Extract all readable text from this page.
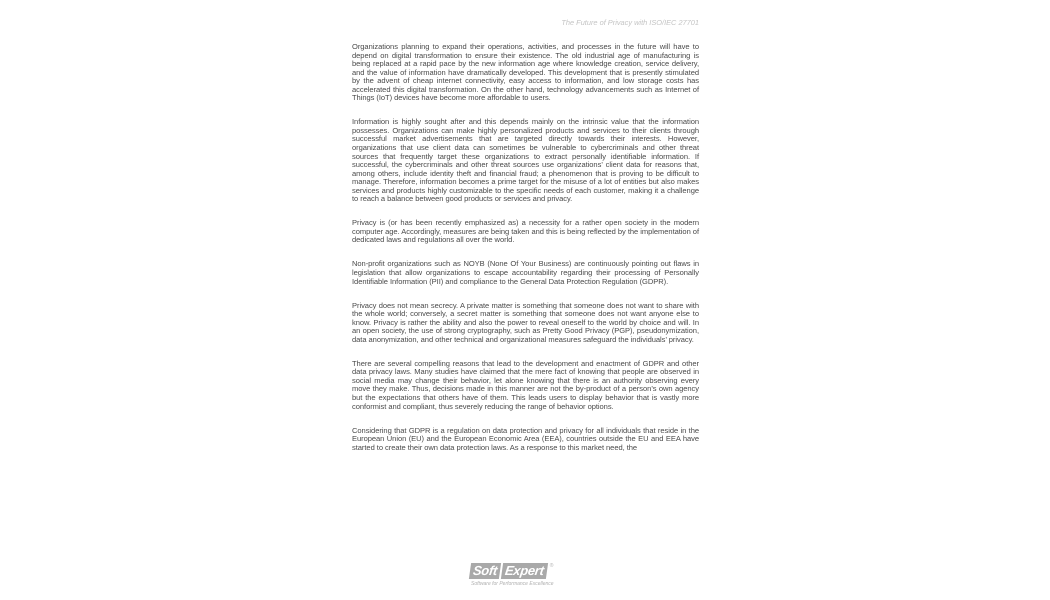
The Future of Privacy with ISO/IEC 27701

Organizations planning to expand their operations, activities, and processes in the future will have to depend on digital transformation to ensure their existence. The old industrial age of manufacturing is being replaced at a rapid pace by the new information age where knowledge creation, service delivery, and the value of information have dramatically developed. This development that is presently stimulated by the advent of cheap internet connectivity, easy access to information, and low storage costs has accelerated this digital transformation. On the other hand, technology advancements such as Internet of Things (IoT) devices have become more affordable to users.

Information is highly sought after and this depends mainly on the intrinsic value that the information possesses. Organizations can make highly personalized products and services to their clients through successful market advertisements that are targeted directly towards their interests. However, organizations that use client data can sometimes be vulnerable to cybercriminals and other threat sources that frequently target these organizations to extract personally identifiable information. If successful, the cybercriminals and other threat sources use organizations’ client data for reasons that, among others, include identity theft and financial fraud; a phenomenon that is proving to be difficult to manage. Therefore, information becomes a prime target for the misuse of a lot of entities but also makes services and products highly customizable to the specific needs of each customer, making it a challenge to reach a balance between good products or services and privacy.

Privacy is (or has been recently emphasized as) a necessity for a rather open society in the modern computer age. Accordingly, measures are being taken and this is being reflected by the implementation of dedicated laws and regulations all over the world.

Non-profit organizations such as NOYB (None Of Your Business) are continuously pointing out flaws in legislation that allow organizations to escape accountability regarding their processing of Personally Identifiable Information (PII) and compliance to the General Data Protection Regulation (GDPR).

Privacy does not mean secrecy. A private matter is something that someone does not want to share with the whole world; conversely, a secret matter is something that someone does not want anyone else to know. Privacy is rather the ability and also the power to reveal oneself to the world by choice and will. In an open society, the use of strong cryptography, such as Pretty Good Privacy (PGP), pseudonymization, data anonymization, and other technical and organizational measures safeguard the individuals’ privacy.

There are several compelling reasons that lead to the development and enactment of GDPR and other data privacy laws. Many studies have claimed that the mere fact of knowing that people are observed in social media may change their behavior, let alone knowing that there is an authority observing every move they make. Thus, decisions made in this manner are not the by-product of a person’s own agency but the expectations that others have of them. This leads users to display behavior that is vastly more conformist and compliant, thus severely reducing the range of behavior options.

Considering that GDPR is a regulation on data protection and privacy for all individuals that reside in the European Union (EU) and the European Economic Area (EEA), countries outside the EU and EEA have started to create their own data protection laws. As a response to this market need, the

Soft Expert ®
Software for Performance Excellence
